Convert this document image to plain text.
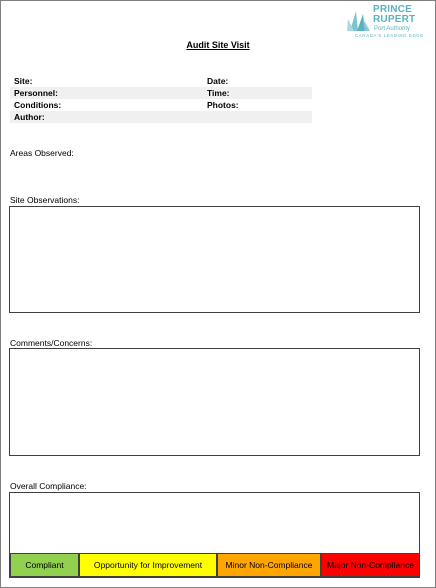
PRINCE
RUPERT
Port Authority
CANADA'S LEADING EDGE
Audit Site Visit
Site:	Date:
Personnel:	Time:
Conditions:	Photos:
Author:
Areas Observed:
Site Observations:
Comments/Concerns:
Overall Compliance:
Compliant	Opportunity for Improvement	Minor Non-Compliance	Major Non-Compliance
